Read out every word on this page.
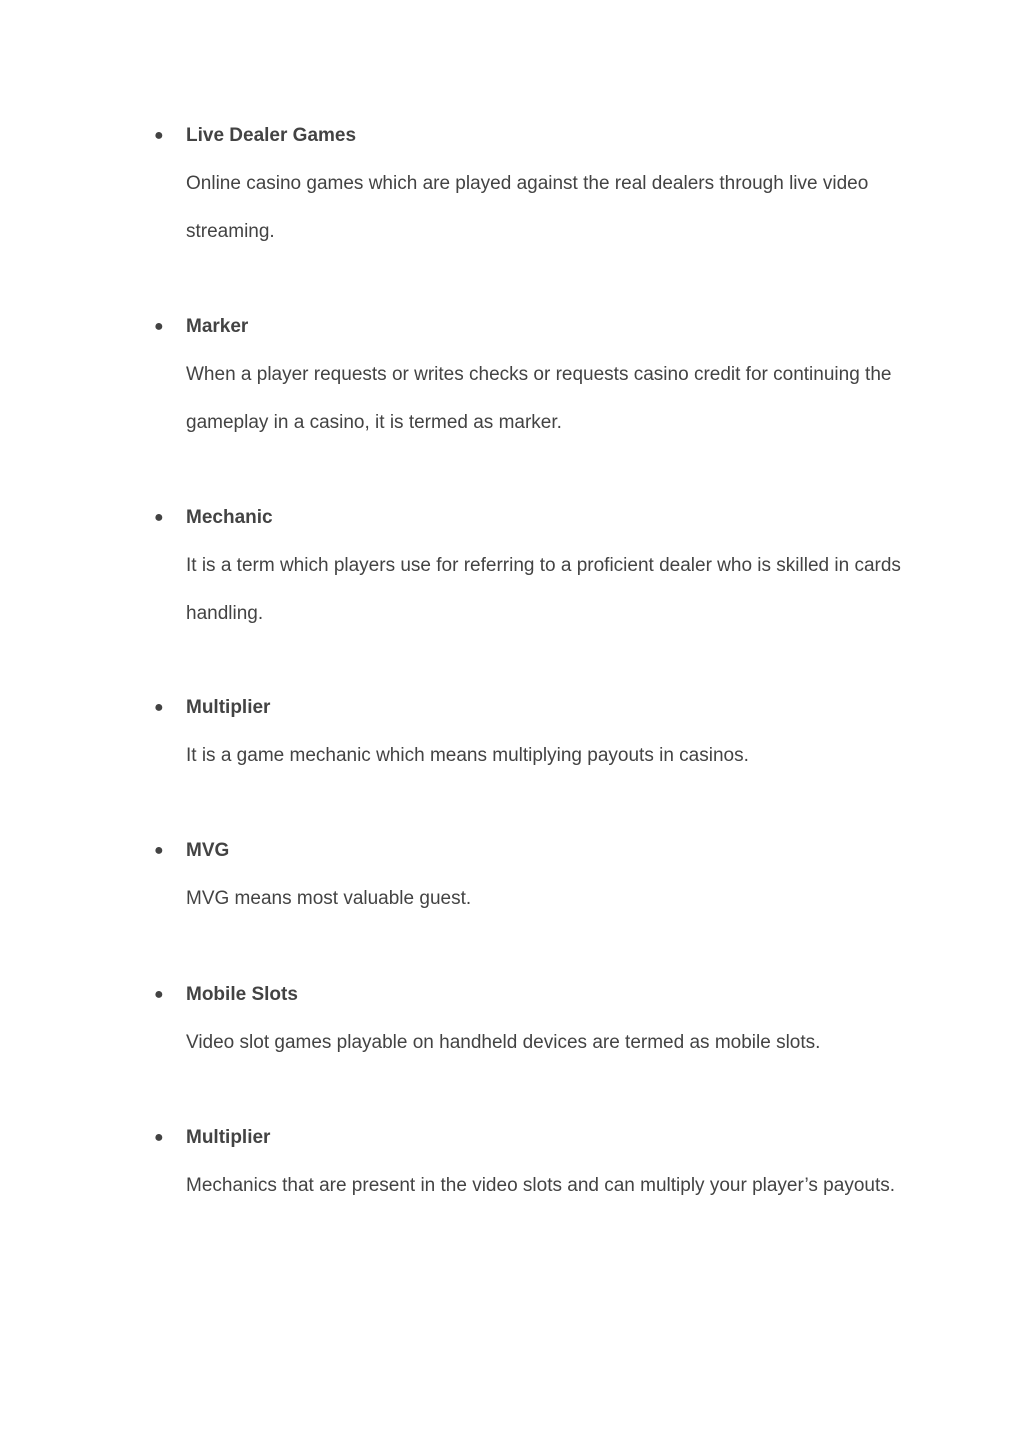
● Live Dealer Games
Online casino games which are played against the real dealers through live video streaming.
● Marker
When a player requests or writes checks or requests casino credit for continuing the gameplay in a casino, it is termed as marker.
● Mechanic
It is a term which players use for referring to a proficient dealer who is skilled in cards handling.
● Multiplier
It is a game mechanic which means multiplying payouts in casinos.
● MVG
MVG means most valuable guest.
● Mobile Slots
Video slot games playable on handheld devices are termed as mobile slots.
● Multiplier
Mechanics that are present in the video slots and can multiply your player’s payouts.
